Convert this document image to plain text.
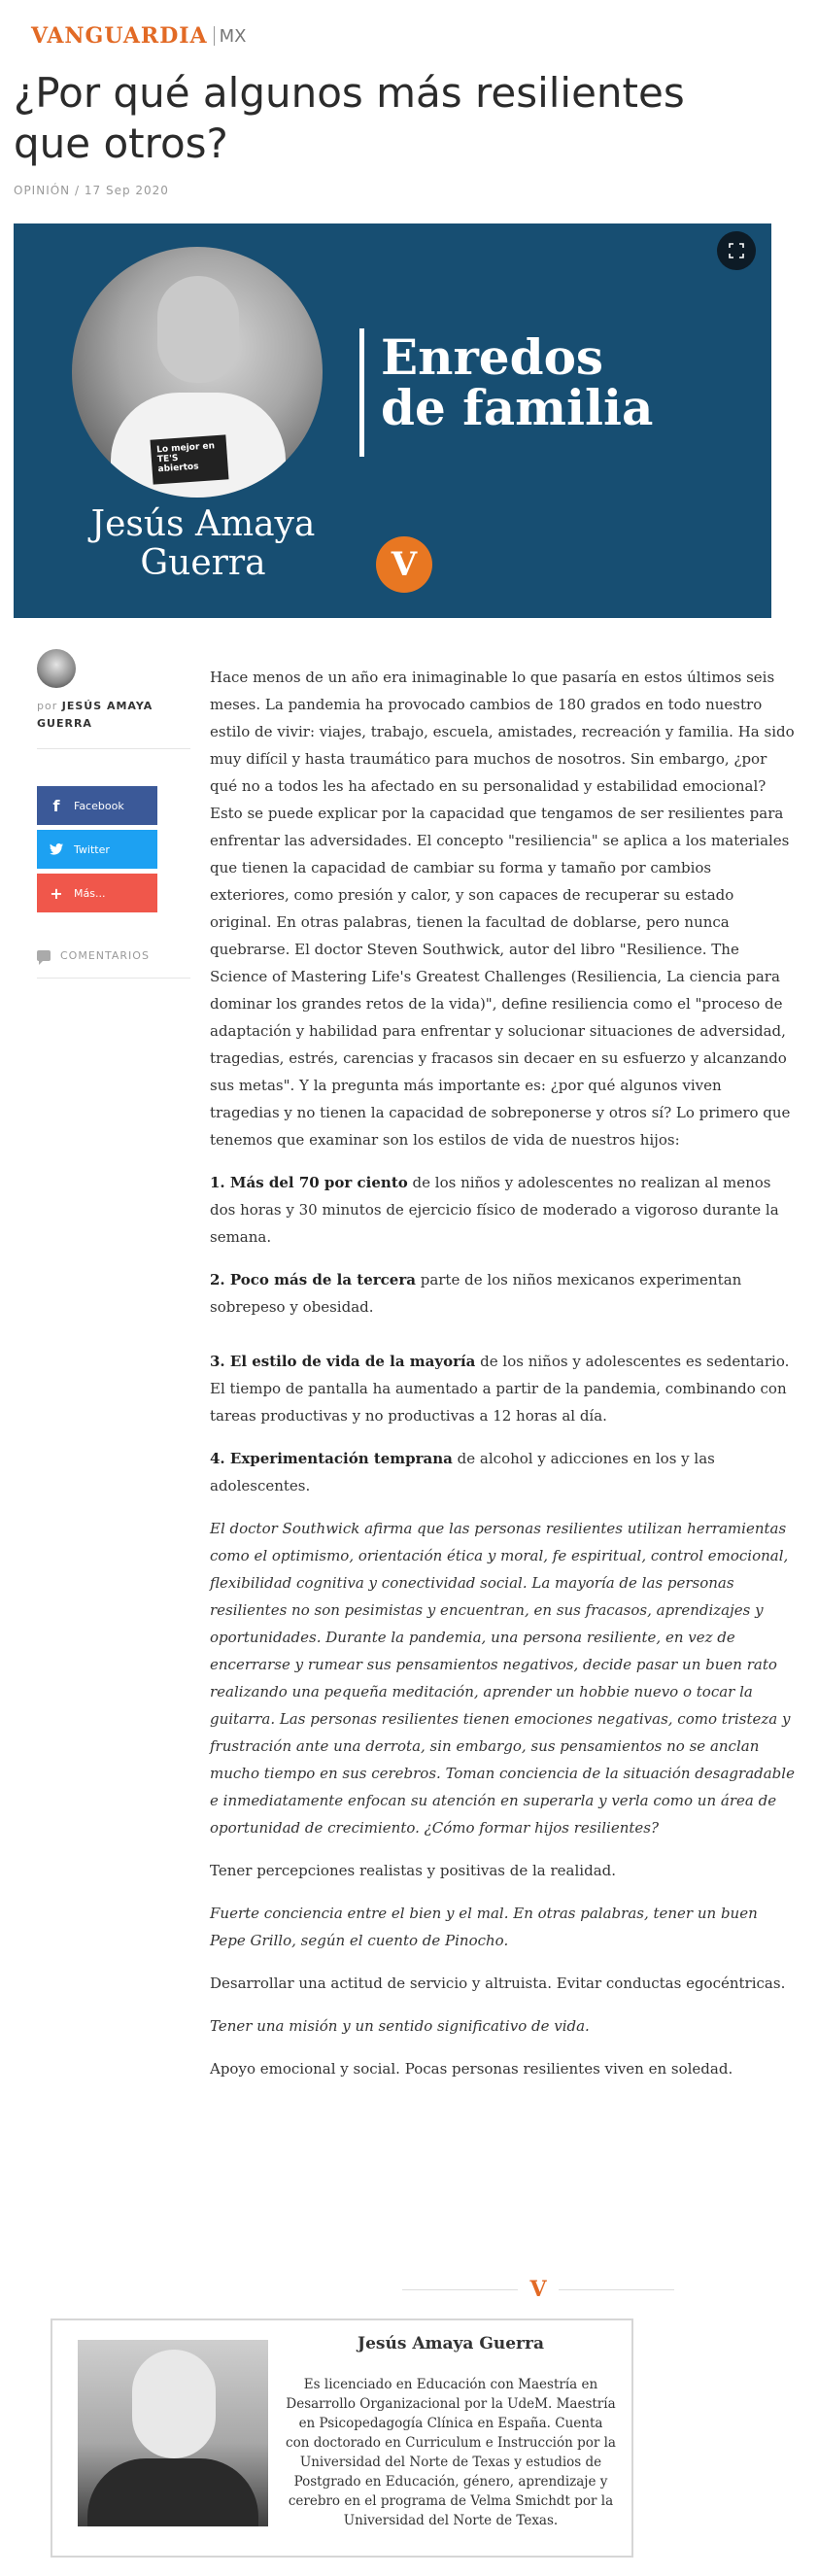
VANGUARDIA MX
¿Por qué algunos más resilientes que otros?
OPINIÓN / 17 Sep 2020
Lo mejor en TE'S abiertos
Enredos
de familia
Jesús Amaya
Guerra	V
por JESÚS AMAYA GUERRA
f	Facebook
Twitter
+ Más...
COMENTARIOS

Hace menos de un año era inimaginable lo que pasaría en estos últimos seis meses. La pandemia ha provocado cambios de 180 grados en todo nuestro estilo de vivir: viajes, trabajo, escuela, amistades, recreación y familia. Ha sido muy difícil y hasta traumático para muchos de nosotros. Sin embargo, ¿por qué no a todos les ha afectado en su personalidad y estabilidad emocional? Esto se puede explicar por la capacidad que tengamos de ser resilientes para enfrentar las adversidades. El concepto "resiliencia" se aplica a los materiales que tienen la capacidad de cambiar su forma y tamaño por cambios exteriores, como presión y calor, y son capaces de recuperar su estado original. En otras palabras, tienen la facultad de doblarse, pero nunca quebrarse. El doctor Steven Southwick, autor del libro "Resilience. The Science of Mastering Life's Greatest Challenges (Resiliencia, La ciencia para dominar los grandes retos de la vida)", define resiliencia como el "proceso de adaptación y habilidad para enfrentar y solucionar situaciones de adversidad, tragedias, estrés, carencias y fracasos sin decaer en su esfuerzo y alcanzando sus metas". Y la pregunta más importante es: ¿por qué algunos viven tragedias y no tienen la capacidad de sobreponerse y otros sí? Lo primero que tenemos que examinar son los estilos de vida de nuestros hijos:

1. Más del 70 por ciento de los niños y adolescentes no realizan al menos dos horas y 30 minutos de ejercicio físico de moderado a vigoroso durante la semana.

2. Poco más de la tercera parte de los niños mexicanos experimentan sobrepeso y obesidad.

3. El estilo de vida de la mayoría de los niños y adolescentes es sedentario. El tiempo de pantalla ha aumentado a partir de la pandemia, combinando con tareas productivas y no productivas a 12 horas al día.

4. Experimentación temprana de alcohol y adicciones en los y las adolescentes.

El doctor Southwick afirma que las personas resilientes utilizan herramientas como el optimismo, orientación ética y moral, fe espiritual, control emocional, flexibilidad cognitiva y conectividad social. La mayoría de las personas resilientes no son pesimistas y encuentran, en sus fracasos, aprendizajes y oportunidades. Durante la pandemia, una persona resiliente, en vez de encerrarse y rumear sus pensamientos negativos, decide pasar un buen rato realizando una pequeña meditación, aprender un hobbie nuevo o tocar la guitarra. Las personas resilientes tienen emociones negativas, como tristeza y frustración ante una derrota, sin embargo, sus pensamientos no se anclan mucho tiempo en sus cerebros. Toman conciencia de la situación desagradable e inmediatamente enfocan su atención en superarla y verla como un área de oportunidad de crecimiento. ¿Cómo formar hijos resilientes?

Tener percepciones realistas y positivas de la realidad.

Fuerte conciencia entre el bien y el mal. En otras palabras, tener un buen Pepe Grillo, según el cuento de Pinocho.

Desarrollar una actitud de servicio y altruista. Evitar conductas egocéntricas.

Tener una misión y un sentido significativo de vida.

Apoyo emocional y social. Pocas personas resilientes viven en soledad.

V
Jesús Amaya Guerra
Es licenciado en Educación con Maestría en Desarrollo Organizacional por la UdeM. Maestría en Psicopedagogía Clínica en España. Cuenta con doctorado en Curriculum e Instrucción por la Universidad del Norte de Texas y estudios de Postgrado en Educación, género, aprendizaje y cerebro en el programa de Velma Smichdt por la Universidad del Norte de Texas.
